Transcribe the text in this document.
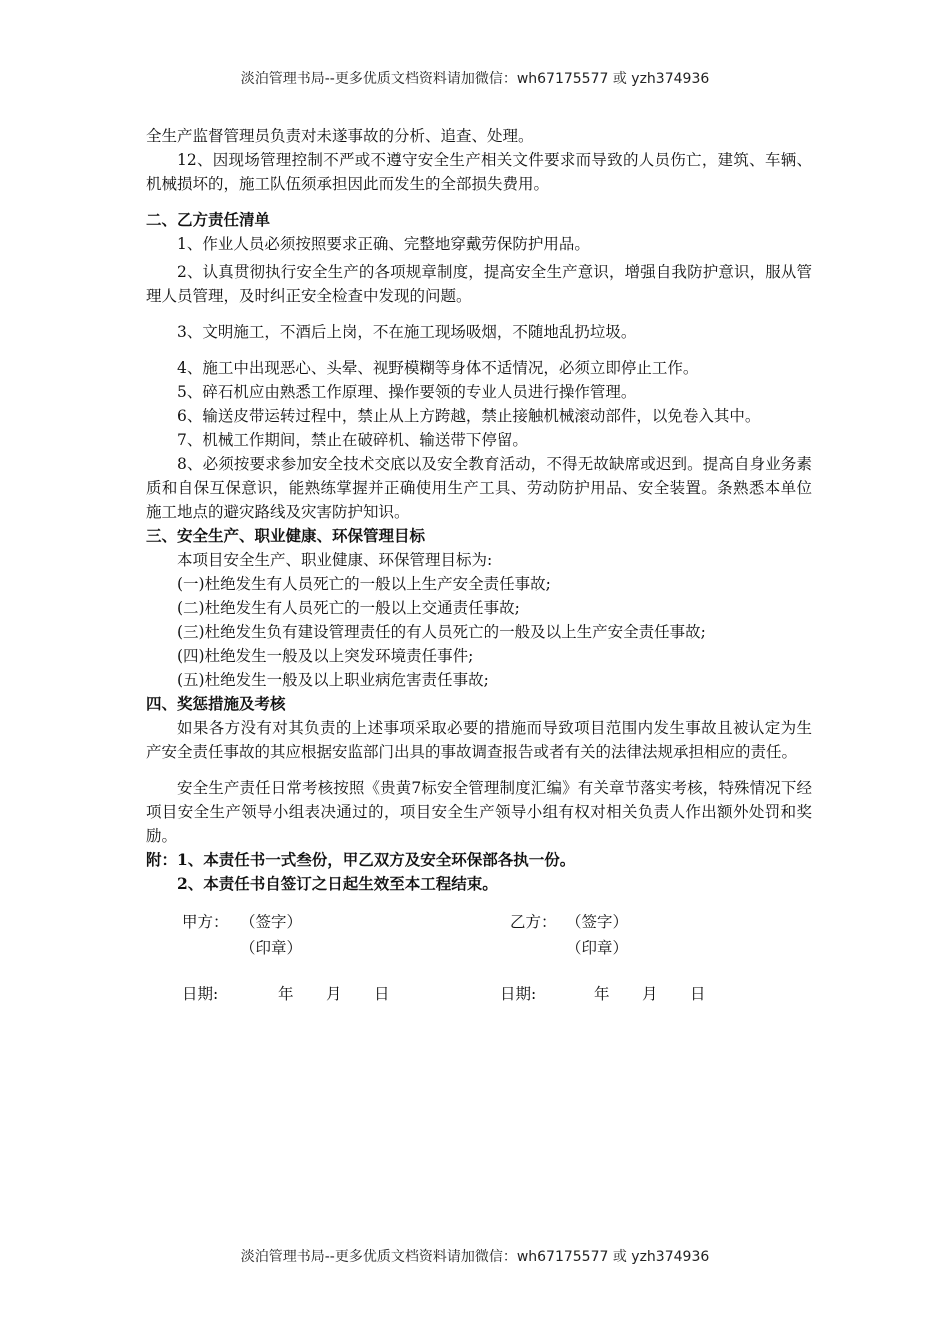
淡泊管理书局--更多优质文档资料请加微信：wh67175577 或 yzh374936

全生产监督管理员负责对未遂事故的分析、追查、处理。

12、因现场管理控制不严或不遵守安全生产相关文件要求而导致的人员伤亡，建筑、车辆、机械损坏的，施工队伍须承担因此而发生的全部损失费用。

二、乙方责任清单

1、作业人员必须按照要求正确、完整地穿戴劳保防护用品。

2、认真贯彻执行安全生产的各项规章制度，提高安全生产意识，增强自我防护意识，服从管理人员管理，及时纠正安全检查中发现的问题。

3、文明施工，不酒后上岗，不在施工现场吸烟，不随地乱扔垃圾。

4、施工中出现恶心、头晕、视野模糊等身体不适情况，必须立即停止工作。

5、碎石机应由熟悉工作原理、操作要领的专业人员进行操作管理。

6、输送皮带运转过程中，禁止从上方跨越，禁止接触机械滚动部件，以免卷入其中。

7、机械工作期间，禁止在破碎机、输送带下停留。

8、必须按要求参加安全技术交底以及安全教育活动，不得无故缺席或迟到。提高自身业务素质和自保互保意识，能熟练掌握并正确使用生产工具、劳动防护用品、安全装置。条熟悉本单位施工地点的避灾路线及灾害防护知识。

三、安全生产、职业健康、环保管理目标

本项目安全生产、职业健康、环保管理目标为:

(一)杜绝发生有人员死亡的一般以上生产安全责任事故;

(二)杜绝发生有人员死亡的一般以上交通责任事故;

(三)杜绝发生负有建设管理责任的有人员死亡的一般及以上生产安全责任事故;

(四)杜绝发生一般及以上突发环境责任事件;

(五)杜绝发生一般及以上职业病危害责任事故;

四、奖惩措施及考核

如果各方没有对其负责的上述事项采取必要的措施而导致项目范围内发生事故且被认定为生产安全责任事故的其应根据安监部门出具的事故调查报告或者有关的法律法规承担相应的责任。

安全生产责任日常考核按照《贵黄7标安全管理制度汇编》有关章节落实考核，特殊情况下经项目安全生产领导小组表决通过的，项目安全生产领导小组有权对相关负责人作出额外处罚和奖励。

附：1、本责任书一式叁份，甲乙双方及安全环保部各执一份。

2、本责任书自签订之日起生效至本工程结束。

甲方： （签字）
（印章）
乙方： （签字）
（印章）
日期:	年 月 日	日期:	年 月 日
淡泊管理书局--更多优质文档资料请加微信：wh67175577 或 yzh374936
